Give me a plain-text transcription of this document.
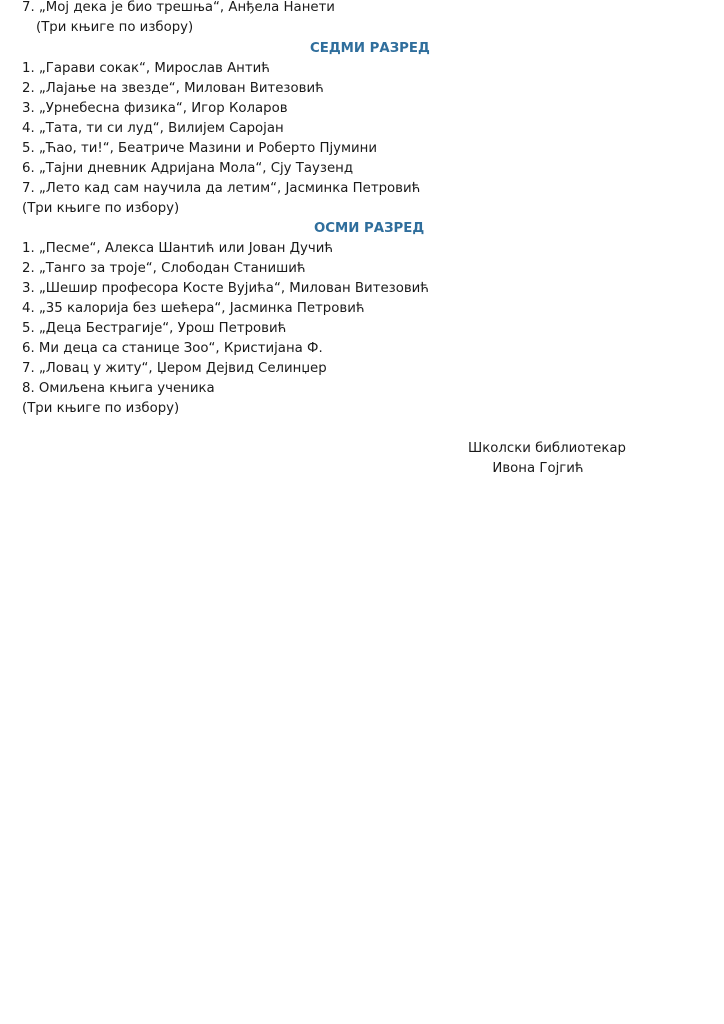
7. „Мој дека је био трешња“, Анђела Нанети
(Три књиге по избору)
СЕДМИ РАЗРЕД
1. „Гарави сокак“, Мирослав Антић
2. „Лајање на звезде“, Милован Витезовић
3. „Урнебесна физика“, Игор Коларов
4. „Тата, ти си луд“, Вилијем Саројан
5. „Ћао, ти!“, Беатриче Мазини и Роберто Пјумини
6. „Тајни дневник Адријана Мола“, Сју Таузенд
7. „Лето кад сам научила да летим“, Јасминка Петровић
(Три књиге по избору)
ОСМИ РАЗРЕД
1. „Песме“, Алекса Шантић или Јован Дучић
2. „Танго за троје“, Слободан Станишић
3. „Шешир професора Косте Вујића“, Милован Витезовић
4. „35 калорија без шећера“, Јасминка Петровић
5. „Деца Бестрагије“, Урош Петровић
6. Ми деца са станице Зоо“, Кристијана Ф.
7. „Ловац у житу“, Џером Дејвид Селинџер
8. Омиљена књига ученика
(Три књиге по избору)
Школски библиотекар
Ивона Гојгић
